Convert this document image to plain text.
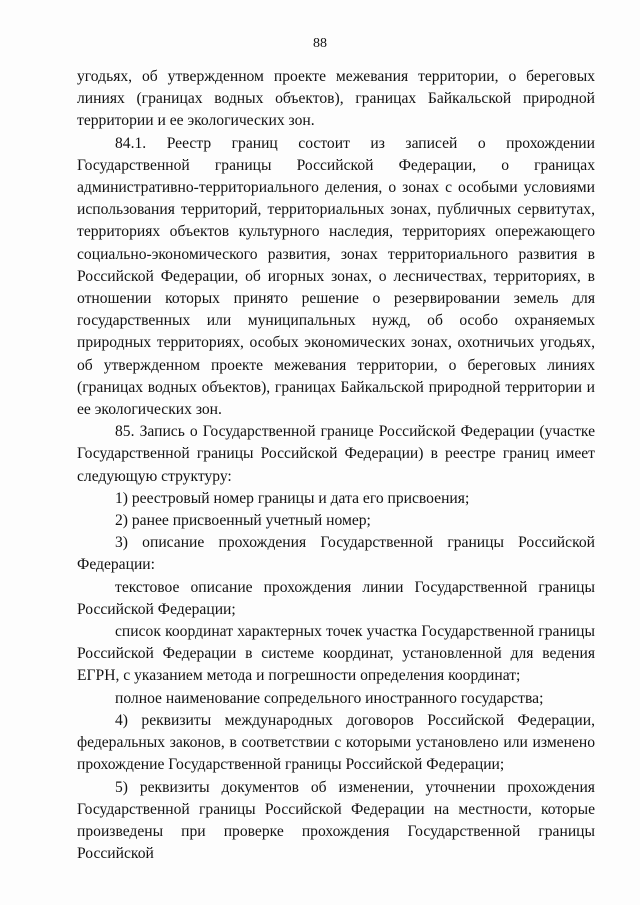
88

угодьях, об утвержденном проекте межевания территории, о береговых линиях (границах водных объектов), границах Байкальской природной территории и ее экологических зон.

84.1. Реестр границ состоит из записей о прохождении Государственной границы Российской Федерации, о границах административно-территориального деления, о зонах с особыми условиями использования территорий, территориальных зонах, публичных сервитутах, территориях объектов культурного наследия, территориях опережающего социально-экономического развития, зонах территориального развития в Российской Федерации, об игорных зонах, о лесничествах, территориях, в отношении которых принято решение о резервировании земель для государственных или муниципальных нужд, об особо охраняемых природных территориях, особых экономических зонах, охотничьих угодьях, об утвержденном проекте межевания территории, о береговых линиях (границах водных объектов), границах Байкальской природной территории и ее экологических зон.

85. Запись о Государственной границе Российской Федерации (участке Государственной границы Российской Федерации) в реестре границ имеет следующую структуру:

1) реестровый номер границы и дата его присвоения;

2) ранее присвоенный учетный номер;

3) описание прохождения Государственной границы Российской Федерации:

текстовое описание прохождения линии Государственной границы Российской Федерации;

список координат характерных точек участка Государственной границы Российской Федерации в системе координат, установленной для ведения ЕГРН, с указанием метода и погрешности определения координат;

полное наименование сопредельного иностранного государства;

4) реквизиты международных договоров Российской Федерации, федеральных законов, в соответствии с которыми установлено или изменено прохождение Государственной границы Российской Федерации;

5) реквизиты документов об изменении, уточнении прохождения Государственной границы Российской Федерации на местности, которые произведены при проверке прохождения Государственной границы Российской
